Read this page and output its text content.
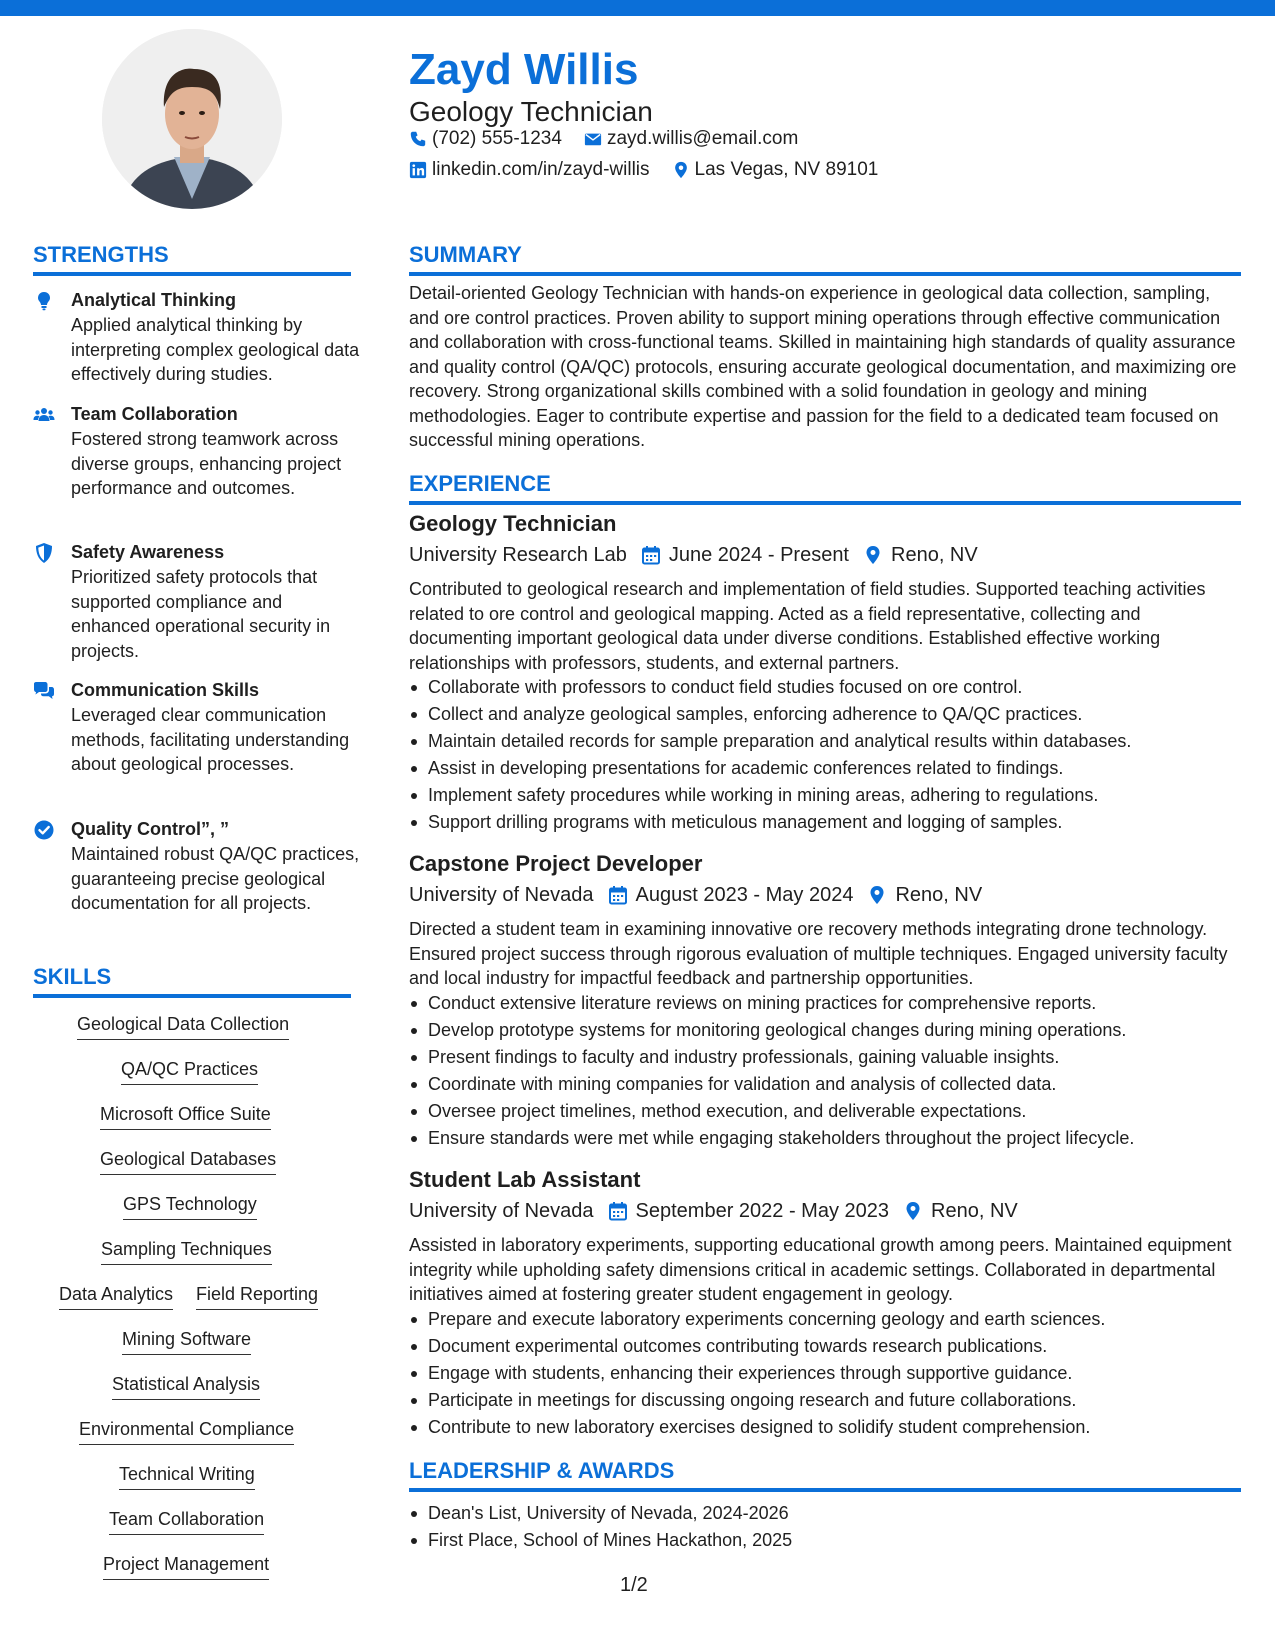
Zayd Willis
Geology Technician
(702) 555-1234 zayd.willis@email.com
linkedin.com/in/zayd-willis Las Vegas, NV 89101
STRENGTHS
Analytical Thinking
Applied analytical thinking by interpreting complex geological data effectively during studies.
Team Collaboration
Fostered strong teamwork across diverse groups, enhancing project performance and outcomes.
Safety Awareness
Prioritized safety protocols that supported compliance and enhanced operational security in projects.
Communication Skills
Leveraged clear communication methods, facilitating understanding about geological processes.
Quality Control”, ”
Maintained robust QA/QC practices, guaranteeing precise geological documentation for all projects.
SKILLS
Geological Data Collection
QA/QC Practices
Microsoft Office Suite
Geological Databases
GPS Technology
Sampling Techniques
Data Analytics Field Reporting
Mining Software
Statistical Analysis
Environmental Compliance
Technical Writing
Team Collaboration
Project Management
SUMMARY
Detail-oriented Geology Technician with hands-on experience in geological data collection, sampling, and ore control practices. Proven ability to support mining operations through effective communication and collaboration with cross-functional teams. Skilled in maintaining high standards of quality assurance and quality control (QA/QC) protocols, ensuring accurate geological documentation, and maximizing ore recovery. Strong organizational skills combined with a solid foundation in geology and mining methodologies. Eager to contribute expertise and passion for the field to a dedicated team focused on successful mining operations.
EXPERIENCE
Geology Technician
University Research Lab June 2024 - Present Reno, NV
Contributed to geological research and implementation of field studies. Supported teaching activities related to ore control and geological mapping. Acted as a field representative, collecting and documenting important geological data under diverse conditions. Established effective working relationships with professors, students, and external partners.
Collaborate with professors to conduct field studies focused on ore control.
Collect and analyze geological samples, enforcing adherence to QA/QC practices.
Maintain detailed records for sample preparation and analytical results within databases.
Assist in developing presentations for academic conferences related to findings.
Implement safety procedures while working in mining areas, adhering to regulations.
Support drilling programs with meticulous management and logging of samples.
Capstone Project Developer
University of Nevada August 2023 - May 2024 Reno, NV
Directed a student team in examining innovative ore recovery methods integrating drone technology. Ensured project success through rigorous evaluation of multiple techniques. Engaged university faculty and local industry for impactful feedback and partnership opportunities.
Conduct extensive literature reviews on mining practices for comprehensive reports.
Develop prototype systems for monitoring geological changes during mining operations.
Present findings to faculty and industry professionals, gaining valuable insights.
Coordinate with mining companies for validation and analysis of collected data.
Oversee project timelines, method execution, and deliverable expectations.
Ensure standards were met while engaging stakeholders throughout the project lifecycle.
Student Lab Assistant
University of Nevada September 2022 - May 2023 Reno, NV
Assisted in laboratory experiments, supporting educational growth among peers. Maintained equipment integrity while upholding safety dimensions critical in academic settings. Collaborated in departmental initiatives aimed at fostering greater student engagement in geology.
Prepare and execute laboratory experiments concerning geology and earth sciences.
Document experimental outcomes contributing towards research publications.
Engage with students, enhancing their experiences through supportive guidance.
Participate in meetings for discussing ongoing research and future collaborations.
Contribute to new laboratory exercises designed to solidify student comprehension.
LEADERSHIP & AWARDS
Dean's List, University of Nevada, 2024-2026
First Place, School of Mines Hackathon, 2025
1/2
